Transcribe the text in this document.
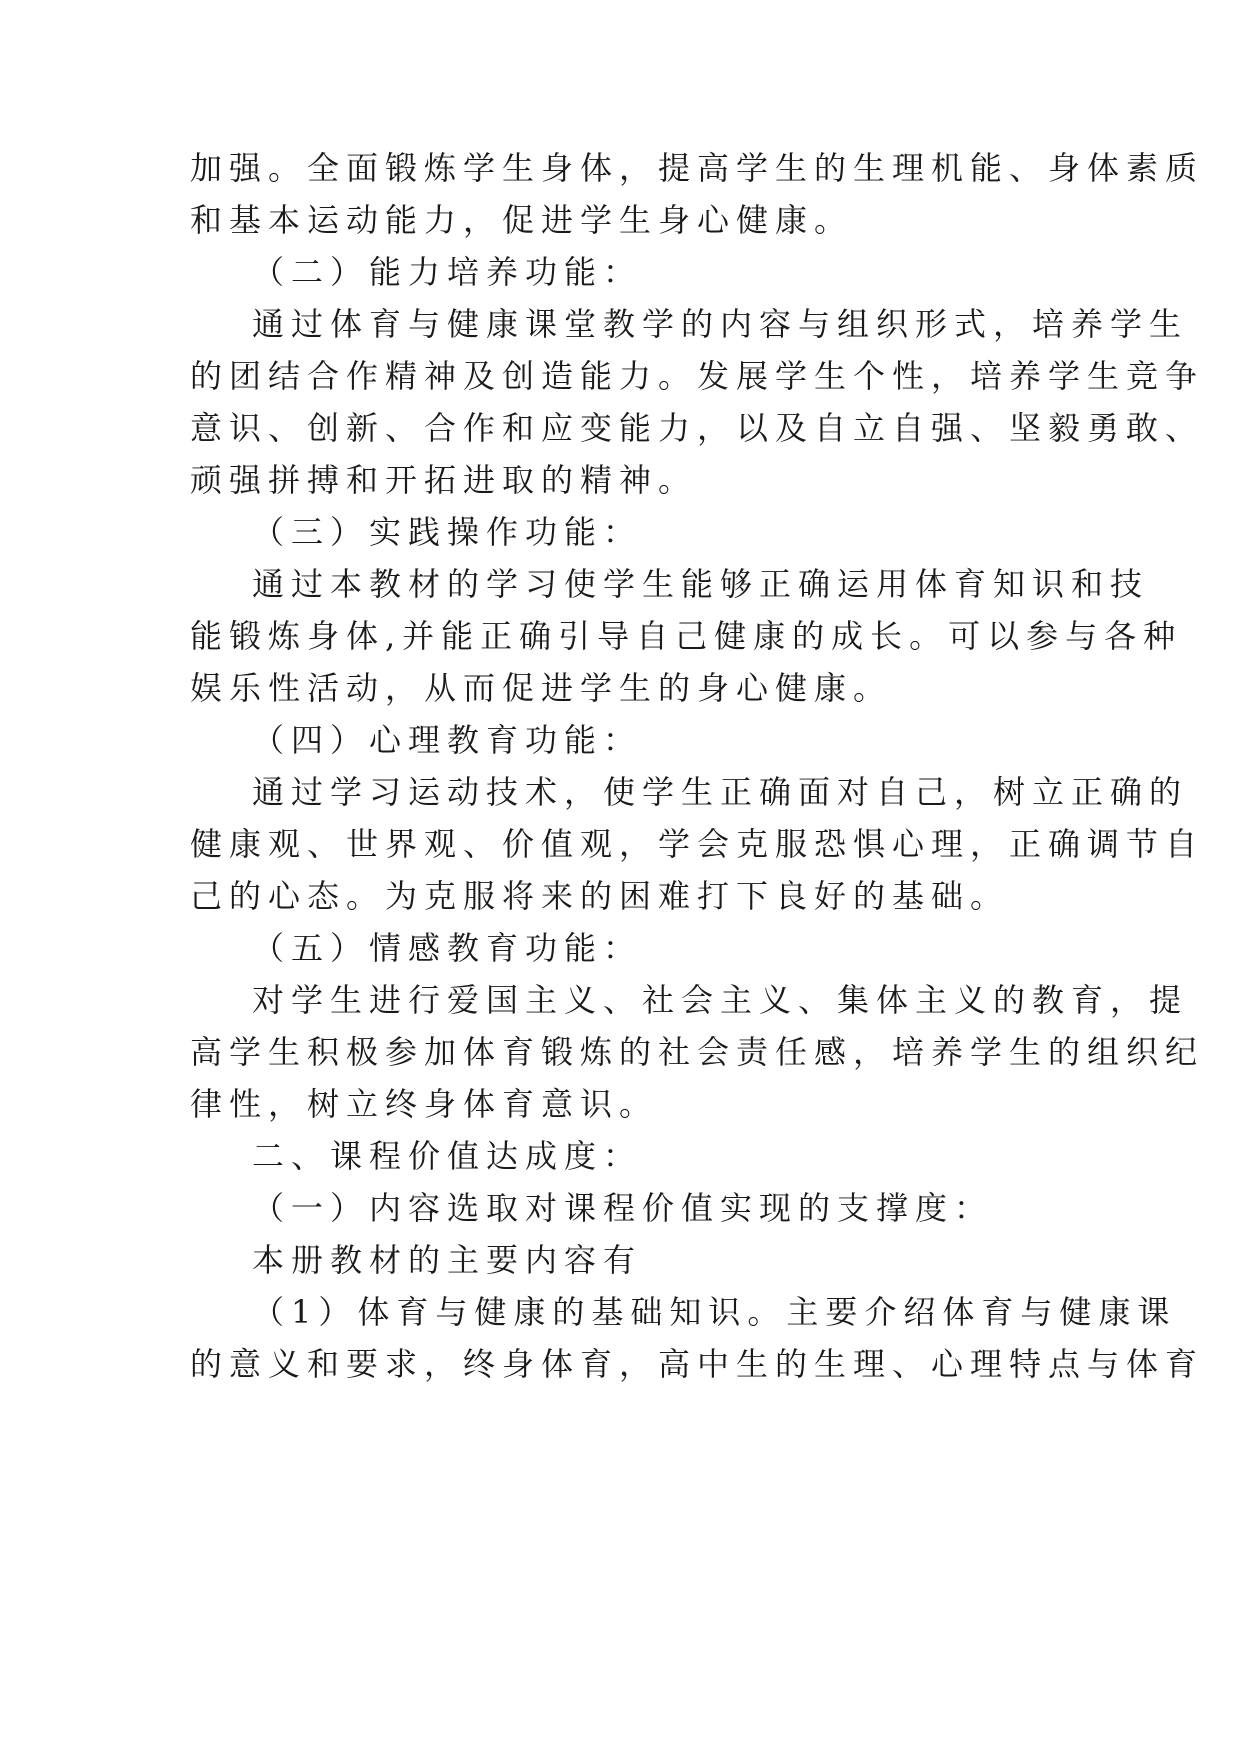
加强。全面锻炼学生身体，提高学生的生理机能、身体素质
和基本运动能力，促进学生身心健康。
（二）能力培养功能：
通过体育与健康课堂教学的内容与组织形式，培养学生
的团结合作精神及创造能力。发展学生个性，培养学生竞争
意识、创新、合作和应变能力，以及自立自强、坚毅勇敢、
顽强拼搏和开拓进取的精神。
（三）实践操作功能：
通过本教材的学习使学生能够正确运用体育知识和技
能锻炼身体,并能正确引导自己健康的成长。可以参与各种
娱乐性活动，从而促进学生的身心健康。
（四）心理教育功能：
通过学习运动技术，使学生正确面对自己，树立正确的
健康观、世界观、价值观，学会克服恐惧心理，正确调节自
己的心态。为克服将来的困难打下良好的基础。
（五）情感教育功能：
对学生进行爱国主义、社会主义、集体主义的教育，提
高学生积极参加体育锻炼的社会责任感，培养学生的组织纪
律性，树立终身体育意识。
二、课程价值达成度：
（一）内容选取对课程价值实现的支撑度：
本册教材的主要内容有
（1）体育与健康的基础知识。主要介绍体育与健康课
的意义和要求，终身体育，高中生的生理、心理特点与体育
